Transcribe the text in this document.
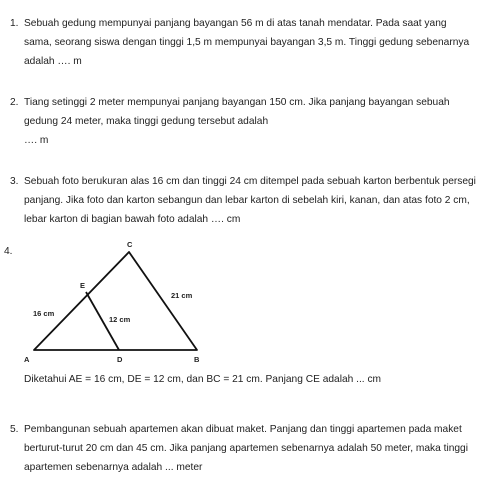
1. Sebuah gedung mempunyai panjang bayangan 56 m di atas tanah mendatar. Pada saat yang
sama, seorang siswa dengan tinggi 1,5 m mempunyai bayangan 3,5 m. Tinggi gedung sebenarnya
adalah …. m
2. Tiang setinggi 2 meter mempunyai panjang bayangan 150 cm. Jika panjang bayangan sebuah
gedung 24 meter, maka tinggi gedung tersebut adalah
…. m
3. Sebuah foto berukuran alas 16 cm dan tinggi 24 cm ditempel pada sebuah karton berbentuk persegi
panjang. Jika foto dan karton sebangun dan lebar karton di sebelah kiri, kanan, dan atas foto 2 cm,
lebar karton di bagian bawah foto adalah …. cm
4.
C
E
A	D	B
16 cm
12 cm
21 cm
Diketahui AE = 16 cm, DE = 12 cm, dan BC = 21 cm. Panjang CE adalah ... cm
5. Pembangunan sebuah apartemen akan dibuat maket. Panjang dan tinggi apartemen pada maket
berturut-turut 20 cm dan 45 cm. Jika panjang apartemen sebenarnya adalah 50 meter, maka tinggi
apartemen sebenarnya adalah ... meter
